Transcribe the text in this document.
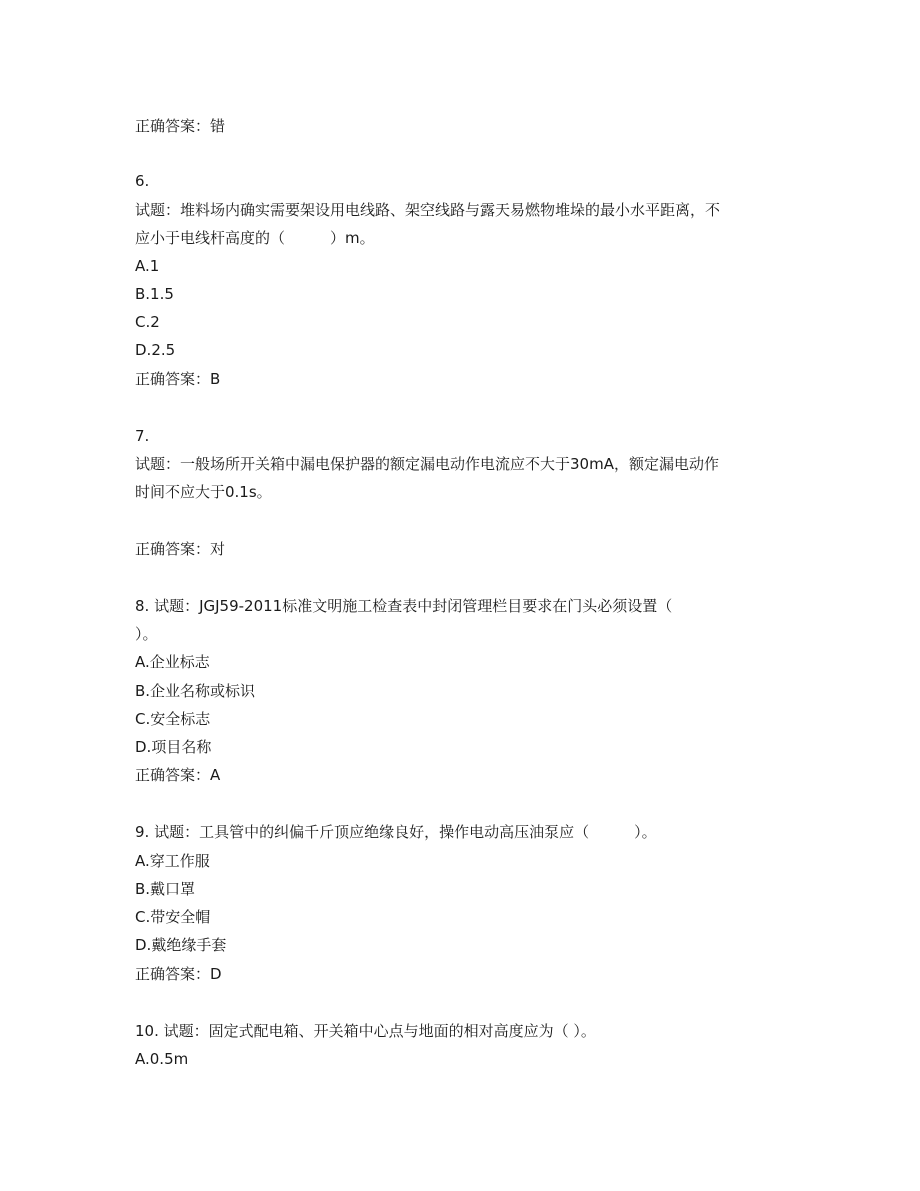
正确答案：错

6.

试题：堆料场内确实需要架设用电线路、架空线路与露天易燃物堆垛的最小水平距离，不

应小于电线杆高度的（　　　）m。

A.1

B.1.5

C.2

D.2.5

正确答案：B

7.

试题：一般场所开关箱中漏电保护器的额定漏电动作电流应不大于30mA，额定漏电动作

时间不应大于0.1s。

正确答案：对

8. 试题：JGJ59-2011标准文明施工检查表中封闭管理栏目要求在门头必须设置（

）。

A.企业标志

B.企业名称或标识

C.安全标志

D.项目名称

正确答案：A

9. 试题：工具管中的纠偏千斤顶应绝缘良好，操作电动高压油泵应（　　　）。

A.穿工作服

B.戴口罩

C.带安全帽

D.戴绝缘手套

正确答案：D

10. 试题：固定式配电箱、开关箱中心点与地面的相对高度应为（ ）。

A.0.5m
